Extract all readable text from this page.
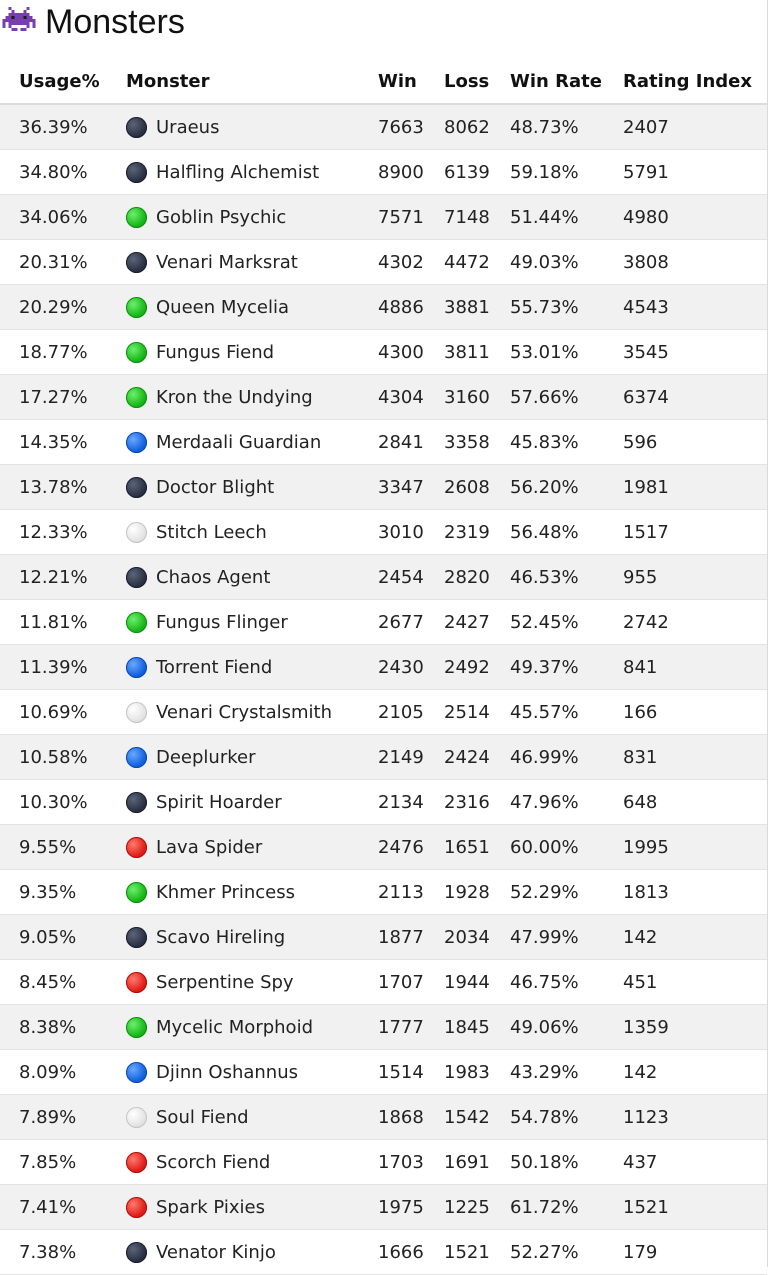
Monsters
Usage%	Monster	Win	Loss	Win Rate	Rating Index
36.39%	Uraeus	7663	8062	48.73%	2407
34.80%	Halfling Alchemist	8900	6139	59.18%	5791
34.06%	Goblin Psychic	7571	7148	51.44%	4980
20.31%	Venari Marksrat	4302	4472	49.03%	3808
20.29%	Queen Mycelia	4886	3881	55.73%	4543
18.77%	Fungus Fiend	4300	3811	53.01%	3545
17.27%	Kron the Undying	4304	3160	57.66%	6374
14.35%	Merdaali Guardian	2841	3358	45.83%	596
13.78%	Doctor Blight	3347	2608	56.20%	1981
12.33%	Stitch Leech	3010	2319	56.48%	1517
12.21%	Chaos Agent	2454	2820	46.53%	955
11.81%	Fungus Flinger	2677	2427	52.45%	2742
11.39%	Torrent Fiend	2430	2492	49.37%	841
10.69%	Venari Crystalsmith	2105	2514	45.57%	166
10.58%	Deeplurker	2149	2424	46.99%	831
10.30%	Spirit Hoarder	2134	2316	47.96%	648
9.55%	Lava Spider	2476	1651	60.00%	1995
9.35%	Khmer Princess	2113	1928	52.29%	1813
9.05%	Scavo Hireling	1877	2034	47.99%	142
8.45%	Serpentine Spy	1707	1944	46.75%	451
8.38%	Mycelic Morphoid	1777	1845	49.06%	1359
8.09%	Djinn Oshannus	1514	1983	43.29%	142
7.89%	Soul Fiend	1868	1542	54.78%	1123
7.85%	Scorch Fiend	1703	1691	50.18%	437
7.41%	Spark Pixies	1975	1225	61.72%	1521
7.38%	Venator Kinjo	1666	1521	52.27%	179
